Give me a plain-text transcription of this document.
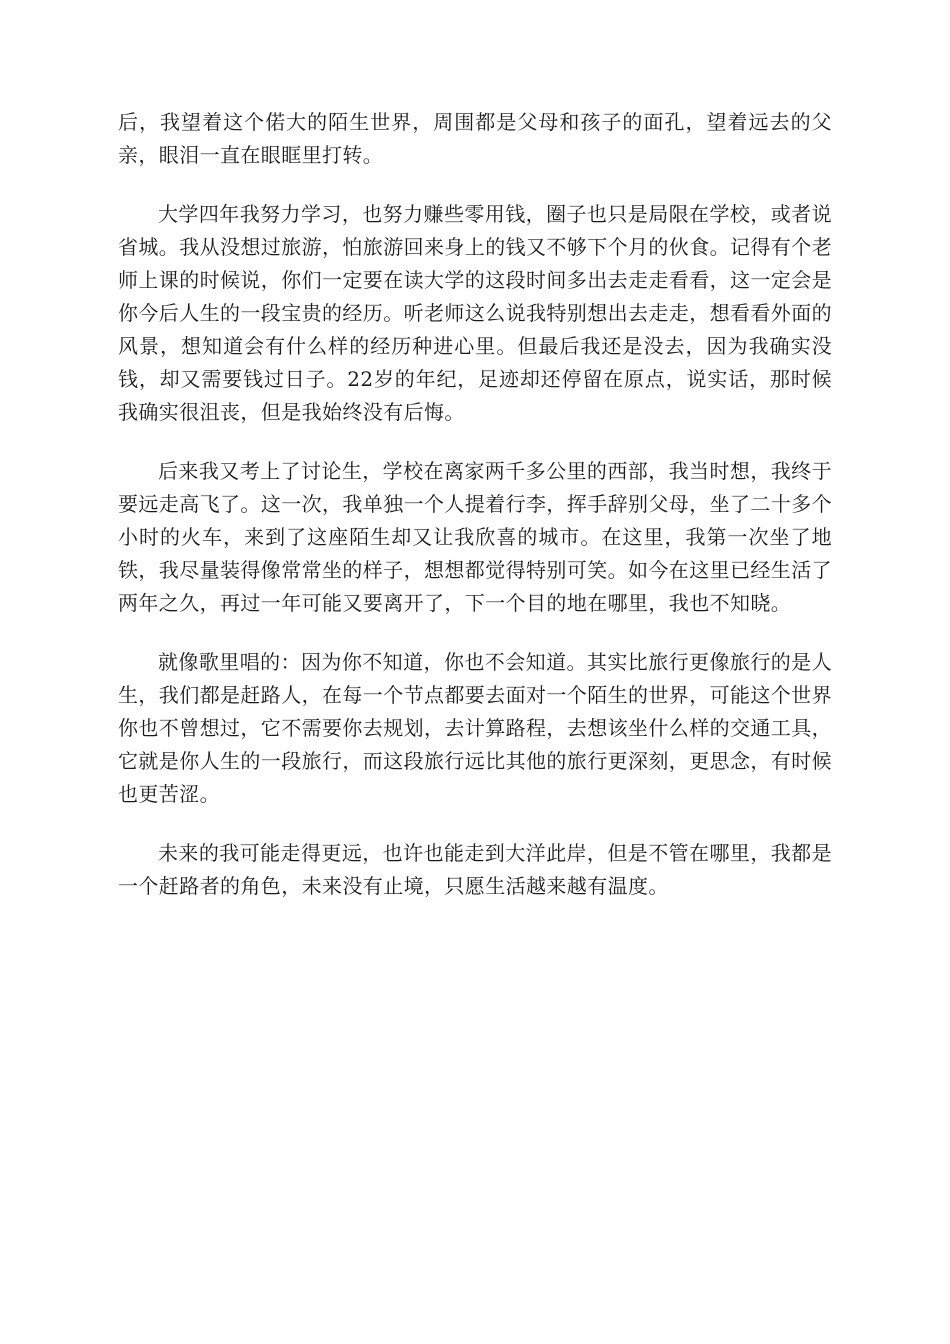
后，我望着这个偌大的陌生世界，周围都是父母和孩子的面孔，望着远去的父亲，眼泪一直在眼眶里打转。

大学四年我努力学习，也努力赚些零用钱，圈子也只是局限在学校，或者说省城。我从没想过旅游，怕旅游回来身上的钱又不够下个月的伙食。记得有个老师上课的时候说，你们一定要在读大学的这段时间多出去走走看看，这一定会是你今后人生的一段宝贵的经历。听老师这么说我特别想出去走走，想看看外面的风景，想知道会有什么样的经历种进心里。但最后我还是没去，因为我确实没钱，却又需要钱过日子。22岁的年纪，足迹却还停留在原点，说实话，那时候我确实很沮丧，但是我始终没有后悔。

后来我又考上了讨论生，学校在离家两千多公里的西部，我当时想，我终于要远走高飞了。这一次，我单独一个人提着行李，挥手辞别父母，坐了二十多个小时的火车，来到了这座陌生却又让我欣喜的城市。在这里，我第一次坐了地铁，我尽量装得像常常坐的样子，想想都觉得特别可笑。如今在这里已经生活了两年之久，再过一年可能又要离开了，下一个目的地在哪里，我也不知晓。

就像歌里唱的：因为你不知道，你也不会知道。其实比旅行更像旅行的是人生，我们都是赶路人，在每一个节点都要去面对一个陌生的世界，可能这个世界你也不曾想过，它不需要你去规划，去计算路程，去想该坐什么样的交通工具，它就是你人生的一段旅行，而这段旅行远比其他的旅行更深刻，更思念，有时候也更苦涩。

未来的我可能走得更远，也许也能走到大洋此岸，但是不管在哪里，我都是一个赶路者的角色，未来没有止境，只愿生活越来越有温度。
